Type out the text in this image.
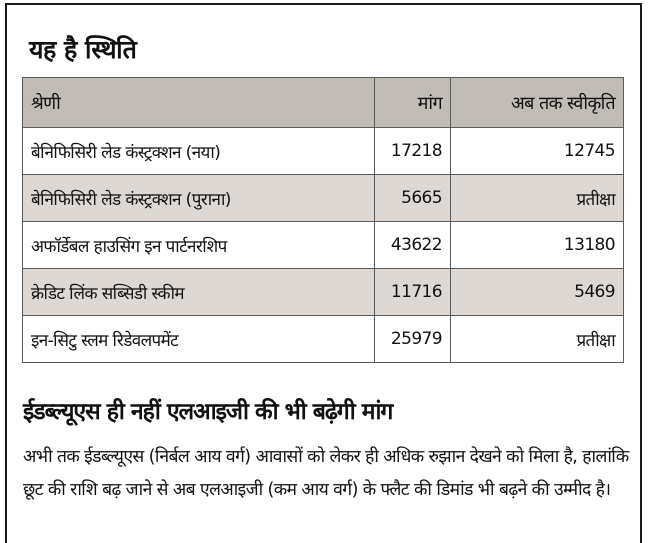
यह है स्थिति
श्रेणी	मांग	अब तक स्वीकृति
बेनिफिसिरी लेड कंस्ट्रक्शन (नया)	17218	12745
बेनिफिसिरी लेड कंस्ट्रक्शन (पुराना)	5665	प्रतीक्षा
अफॉर्डेबल हाउसिंग इन पार्टनरशिप	43622	13180
क्रेडिट लिंक सब्सिडी स्कीम	11716	5469
इन-सिटु स्लम रिडेवलपमेंट	25979	प्रतीक्षा
ईडब्ल्यूएस ही नहीं एलआइजी की भी बढ़ेगी मांग
अभी तक ईडब्ल्यूएस (निर्बल आय वर्ग) आवासों को लेकर ही अधिक रुझान देखने को मिला है, हालांकि छूट की राशि बढ़ जाने से अब एलआइजी (कम आय वर्ग) के फ्लैट की डिमांड भी बढ़ने की उम्मीद है।
